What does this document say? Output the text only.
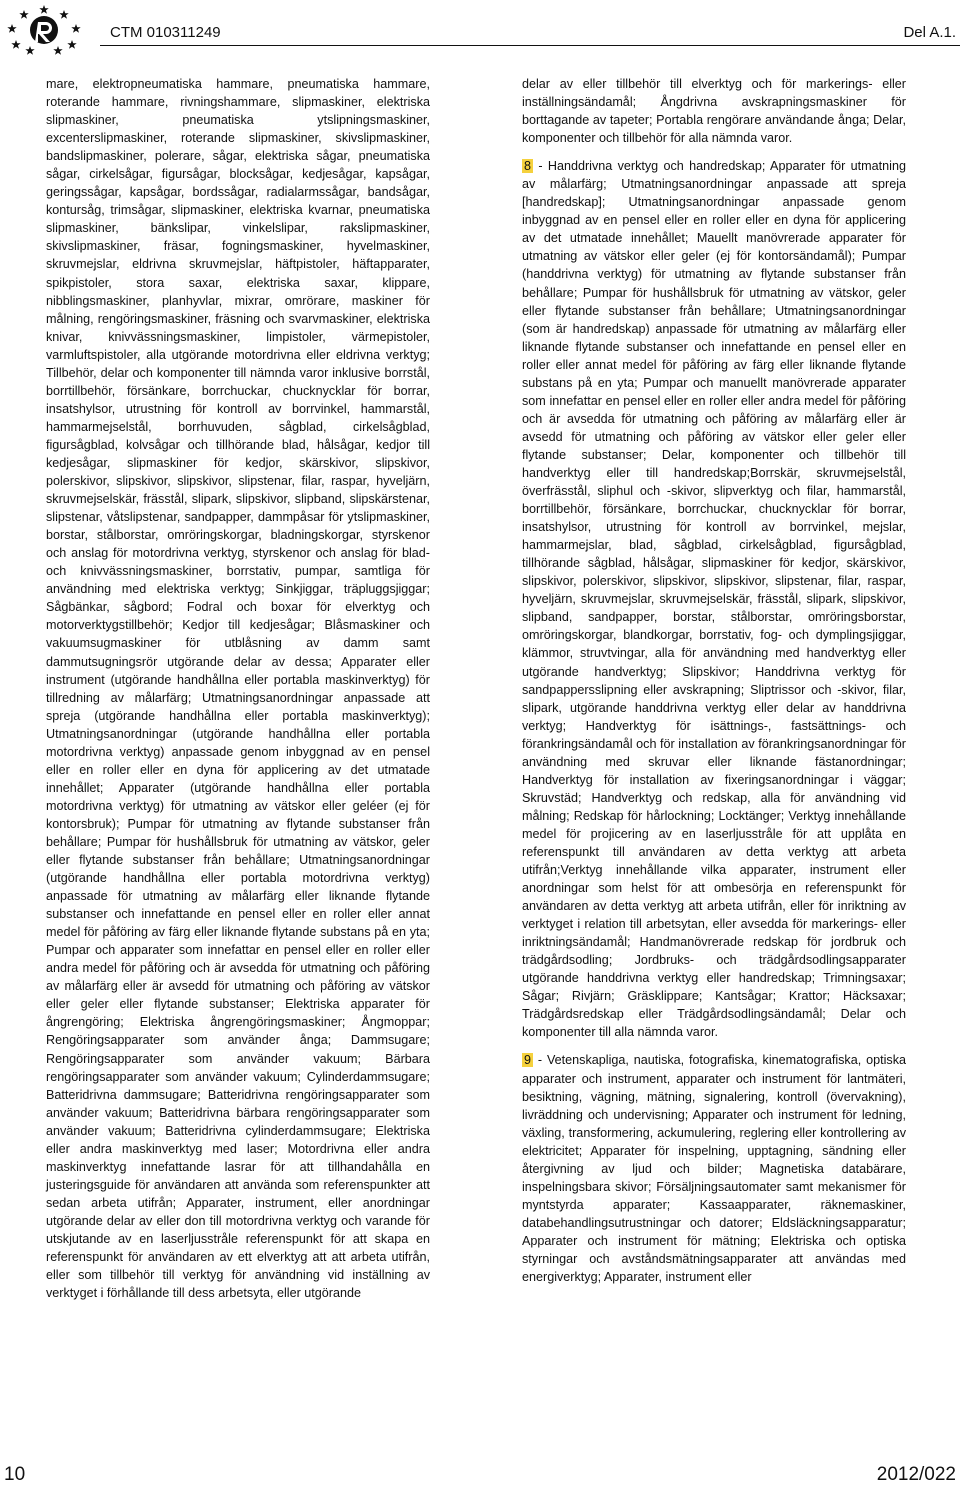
CTM 010311249	Del A.1.

mare, elektropneumatiska hammare, pneumatiska hammare, roterande hammare, rivningshammare, slipmaskiner, elektriska slipmaskiner, pneumatiska ytslipningsmaskiner, excenterslipmaskiner, roterande slipmaskiner, skivslipmaskiner, bandslipmaskiner, polerare, sågar, elektriska sågar, pneumatiska sågar, cirkelsågar, figursågar, blocksågar, kedjesågar, kapsågar, geringssågar, kapsågar, bordssågar, radialarmssågar, bandsågar, kontursåg, trimsågar, slipmaskiner, elektriska kvarnar, pneumatiska slipmaskiner, bänkslipar, vinkelslipar, rakslipmaskiner, skivslipmaskiner, fräsar, fogningsmaskiner, hyvelmaskiner, skruvmejslar, eldrivna skruvmejslar, häftpistoler, häftapparater, spikpistoler, stora saxar, elektriska saxar, klippare, nibblingsmaskiner, planhyvlar, mixrar, omrörare, maskiner för målning, rengöringsmaskiner, fräsning och svarvmaskiner, elektriska knivar, knivvässningsmaskiner, limpistoler, värmepistoler, varmluftspistoler, alla utgörande motordrivna eller eldrivna verktyg; Tillbehör, delar och komponenter till nämnda varor inklusive borrstål, borrtillbehör, försänkare, borrchuckar, chucknycklar för borrar, insatshylsor, utrustning för kontroll av borrvinkel, hammarstål, hammarmejselstål, borrhuvuden, sågblad, cirkelsågblad, figursågblad, kolvsågar och tillhörande blad, hålsågar, kedjor till kedjesågar, slipmaskiner för kedjor, skärskivor, slipskivor, polerskivor, slipskivor, slipskivor, slipstenar, filar, raspar, hyveljärn, skruvmejselskär, frässtål, slipark, slipskivor, slipband, slipskärstenar, slipstenar, våtslipstenar, sandpapper, dammpåsar för ytslipmaskiner, borstar, stålborstar, omröringskorgar, bladningskorgar, styrskenor och anslag för motordrivna verktyg, styrskenor och anslag för blad- och knivvässningsmaskiner, borrstativ, pumpar, samtliga för användning med elektriska verktyg; Sinkjiggar, träpluggsjiggar; Sågbänkar, sågbord; Fodral och boxar för elverktyg och motorverktygstillbehör; Kedjor till kedjesågar; Blåsmaskiner och vakuumsugmaskiner för utblåsning av damm samt dammutsugningsrör utgörande delar av dessa; Apparater eller instrument (utgörande handhållna eller portabla maskinverktyg) för tillredning av målarfärg; Utmatningsanordningar anpassade att spreja (utgörande handhållna eller portabla maskinverktyg); Utmatningsanordningar (utgörande handhållna eller portabla motordrivna verktyg) anpassade genom inbyggnad av en pensel eller en roller eller en dyna för applicering av det utmatade innehållet; Apparater (utgörande handhållna eller portabla motordrivna verktyg) för utmatning av vätskor eller geléer (ej för kontorsbruk); Pumpar för utmatning av flytande substanser från behållare; Pumpar för hushållsbruk för utmatning av vätskor, geler eller flytande substanser från behållare; Utmatningsanordningar (utgörande handhållna eller portabla motordrivna verktyg) anpassade för utmatning av målarfärg eller liknande flytande substanser och innefattande en pensel eller en roller eller annat medel för påföring av färg eller liknande flytande substans på en yta; Pumpar och apparater som innefattar en pensel eller en roller eller andra medel för påföring och är avsedda för utmatning och påföring av målarfärg eller är avsedd för utmatning och påföring av vätskor eller geler eller flytande substanser; Elektriska apparater för ångrengöring; Elektriska ångrengöringsmaskiner; Ångmoppar; Rengöringsapparater som använder ånga; Dammsugare; Rengöringsapparater som använder vakuum; Bärbara rengöringsapparater som använder vakuum; Cylinderdammsugare; Batteridrivna dammsugare; Batteridrivna rengöringsapparater som använder vakuum; Batteridrivna bärbara rengöringsapparater som använder vakuum; Batteridrivna cylinderdammsugare; Elektriska eller andra maskinverktyg med laser; Motordrivna eller andra maskinverktyg innefattande lasrar för att tillhandahålla en justeringsguide för användaren att använda som referenspunkter att sedan arbeta utifrån; Apparater, instrument, eller anordningar utgörande delar av eller don till motordrivna verktyg och varande för utskjutande av en laserljusstråle referenspunkt för att skapa en referenspunkt för användaren av ett elverktyg att att arbeta utifrån, eller som tillbehör till verktyg för användning vid inställning av verktyget i förhållande till dess arbetsyta, eller utgörande

delar av eller tillbehör till elverktyg och för markerings- eller inställningsändamål; Ångdrivna avskrapningsmaskiner för borttagande av tapeter; Portabla rengörare användande ånga; Delar, komponenter och tillbehör för alla nämnda varor.

8 - Handdrivna verktyg och handredskap; Apparater för utmatning av målarfärg; Utmatningsanordningar anpassade att spreja [handredskap]; Utmatningsanordningar anpassade genom inbyggnad av en pensel eller en roller eller en dyna för applicering av det utmatade innehållet; Mauellt manövrerade apparater för utmatning av vätskor eller geler (ej för kontorsändamål); Pumpar (handdrivna verktyg) för utmatning av flytande substanser från behållare; Pumpar för hushållsbruk för utmatning av vätskor, geler eller flytande substanser från behållare; Utmatningsanordningar (som är handredskap) anpassade för utmatning av målarfärg eller liknande flytande substanser och innefattande en pensel eller en roller eller annat medel för påföring av färg eller liknande flytande substans på en yta; Pumpar och manuellt manövrerade apparater som innefattar en pensel eller en roller eller andra medel för påföring och är avsedda för utmatning och påföring av målarfärg eller är avsedd för utmatning och påföring av vätskor eller geler eller flytande substanser; Delar, komponenter och tillbehör till handverktyg eller till handredskap;Borrskär, skruvmejselstål, överfrässtål, sliphul och -skivor, slipverktyg och filar, hammarstål, borrtillbehör, försänkare, borrchuckar, chucknycklar för borrar, insatshylsor, utrustning för kontroll av borrvinkel, mejslar, hammarmejslar, blad, sågblad, cirkelsågblad, figursågblad, tillhörande sågblad, hålsågar, slipmaskiner för kedjor, skärskivor, slipskivor, polerskivor, slipskivor, slipskivor, slipstenar, filar, raspar, hyveljärn, skruvmejslar, skruvmejselskär, frässtål, slipark, slipskivor, slipband, sandpapper, borstar, stålborstar, omröringsborstar, omröringskorgar, blandkorgar, borrstativ, fog- och dymplingsjiggar, klämmor, struvtvingar, alla för användning med handverktyg eller utgörande handverktyg; Slipskivor; Handdrivna verktyg för sandpappersslipning eller avskrapning; Sliptrissor och -skivor, filar, slipark, utgörande handdrivna verktyg eller delar av handdrivna verktyg; Handverktyg för isättnings-, fastsättnings- och förankringsändamål och för installation av förankringsanordningar för användning med skruvar eller liknande fästanordningar; Handverktyg för installation av fixeringsanordningar i väggar; Skruvstäd; Handverktyg och redskap, alla för användning vid målning; Redskap för hårlockning; Locktänger; Verktyg innehållande medel för projicering av en laserljusstråle för att upplåta en referenspunkt till användaren av detta verktyg att arbeta utifrån;Verktyg innehållande vilka apparater, instrument eller anordningar som helst för att ombesörja en referenspunkt för användaren av detta verktyg att arbeta utifrån, eller för inriktning av verktyget i relation till arbetsytan, eller avsedda för markerings- eller inriktningsändamål; Handmanövrerade redskap för jordbruk och trädgårdsodling; Jordbruks- och trädgårdsodlingsapparater utgörande handdrivna verktyg eller handredskap; Trimningsaxar; Sågar; Rivjärn; Gräsklippare; Kantsågar; Krattor; Häcksaxar; Trädgårdsredskap eller Trädgårdsodlingsändamål; Delar och komponenter till alla nämnda varor.

9 - Vetenskapliga, nautiska, fotografiska, kinematografiska, optiska apparater och instrument, apparater och instrument för lantmäteri, besiktning, vägning, mätning, signalering, kontroll (övervakning), livräddning och undervisning; Apparater och instrument för ledning, växling, transformering, ackumulering, reglering eller kontrollering av elektricitet; Apparater för inspelning, upptagning, sändning eller återgivning av ljud och bilder; Magnetiska databärare, inspelningsbara skivor; Försäljningsautomater samt mekanismer för myntstyrda apparater; Kassaapparater, räknemaskiner, databehandlingsutrustningar och datorer; Eldsläckningsapparatur; Apparater och instrument för mätning; Elektriska och optiska styrningar och avståndsmätningsapparater att användas med energiverktyg; Apparater, instrument eller

10	2012/022
